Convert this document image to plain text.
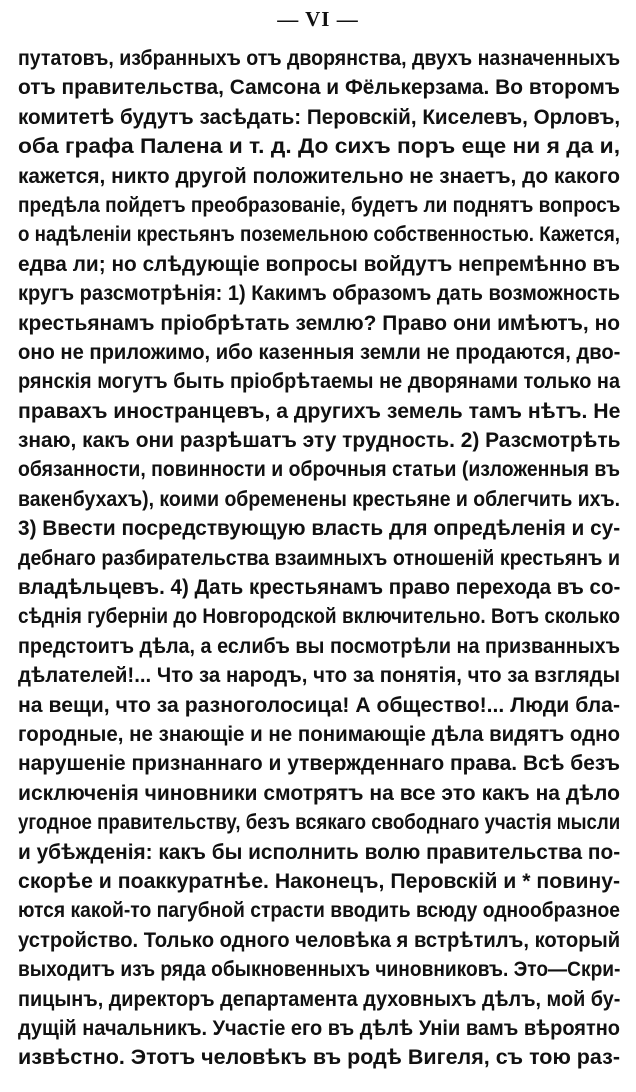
— VI —
путатовъ, избранныхъ отъ дворянства, двухъ назначенныхъ
отъ правительства, Самсона и Фёлькерзама. Во второмъ
комитетѣ будутъ засѣдать: Перовскій, Киселевъ, Орловъ,
оба графа Палена и т. д. До сихъ поръ еще ни я да и,
кажется, никто другой положительно не знаетъ, до какого
предѣла пойдетъ преобразованіе, будетъ ли поднятъ вопросъ
о надѣленіи крестьянъ поземельною собственностью. Кажется,
едва ли; но слѣдующіе вопросы войдутъ непремѣнно въ
кругъ разсмотрѣнія: 1) Какимъ образомъ дать возможность
крестьянамъ пріобрѣтать землю? Право они имѣютъ, но
оно не приложимо, ибо казенныя земли не продаются, дво-
рянскія могутъ быть пріобрѣтаемы не дворянами только на
правахъ иностранцевъ, а другихъ земель тамъ нѣтъ. Не
знаю, какъ они разрѣшатъ эту трудность. 2) Разсмотрѣть
обязанности, повинности и оброчныя статьи (изложенныя въ
вакенбухахъ), коими обременены крестьяне и облегчить ихъ.
3) Ввести посредствующую власть для опредѣленія и су-
дебнаго разбирательства взаимныхъ отношеній крестьянъ и
владѣльцевъ. 4) Дать крестьянамъ право перехода въ со-
сѣднія губерніи до Новгородской включительно. Вотъ сколько
предстоитъ дѣла, а еслибъ вы посмотрѣли на призванныхъ
дѣлателей!... Что за народъ, что за понятія, что за взгляды
на вещи, что за разноголосица! А общество!... Люди бла-
городные, не знающіе и не понимающіе дѣла видятъ одно
нарушеніе признаннаго и утвержденнаго права. Всѣ безъ
исключенія чиновники смотрятъ на все это какъ на дѣло
угодное правительству, безъ всякаго свободнаго участія мысли
и убѣжденія: какъ бы исполнить волю правительства по-
скорѣе и поаккуратнѣе. Наконецъ, Перовскій и * повину-
ются какой-то пагубной страсти вводить всюду однообразное
устройство. Только одного человѣка я встрѣтилъ, который
выходитъ изъ ряда обыкновенныхъ чиновниковъ. Это—Скри-
пицынъ, директоръ департамента духовныхъ дѣлъ, мой бу-
дущій начальникъ. Участіе его въ дѣлѣ Уніи вамъ вѣроятно
извѣстно. Этотъ человѣкъ въ родѣ Вигеля, съ тою раз-
